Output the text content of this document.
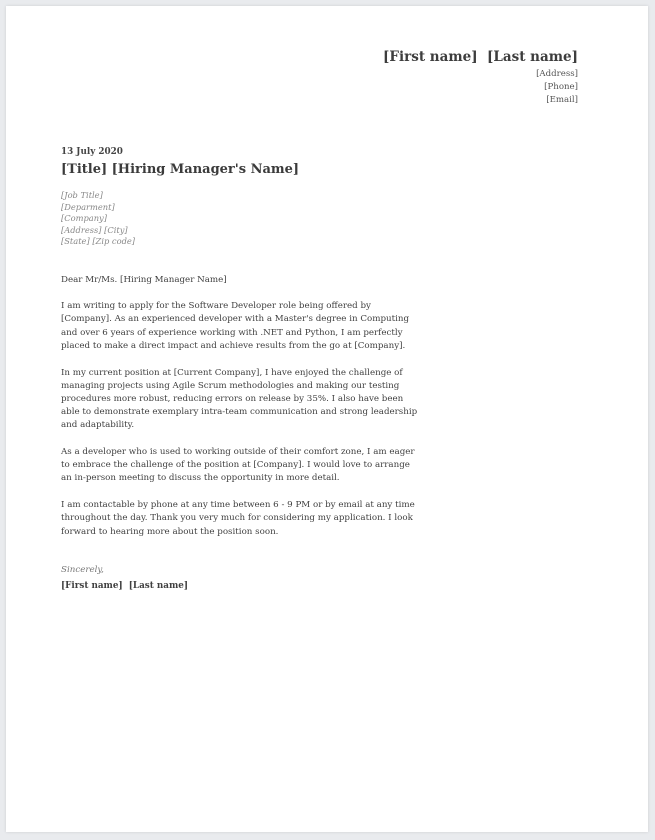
[First name]  [Last name]
[Address]
[Phone]
[Email]
13 July 2020
[Title] [Hiring Manager's Name]
[Job Title]
[Deparment]
[Company]
[Address] [City]
[State] [Zip code]

Dear Mr/Ms. [Hiring Manager Name]

I am writing to apply for the Software Developer role being offered by [Company]. As an experienced developer with a Master's degree in Computing and over 6 years of experience working with .NET and Python, I am perfectly placed to make a direct impact and achieve results from the go at [Company].

In my current position at [Current Company], I have enjoyed the challenge of managing projects using Agile Scrum methodologies and making our testing procedures more robust, reducing errors on release by 35%. I also have been able to demonstrate exemplary intra-team communication and strong leadership and adaptability.

As a developer who is used to working outside of their comfort zone, I am eager to embrace the challenge of the position at [Company]. I would love to arrange an in-person meeting to discuss the opportunity in more detail.

I am contactable by phone at any time between 6 - 9 PM or by email at any time throughout the day. Thank you very much for considering my application. I look forward to hearing more about the position soon.

Sincerely,
[First name]  [Last name]
